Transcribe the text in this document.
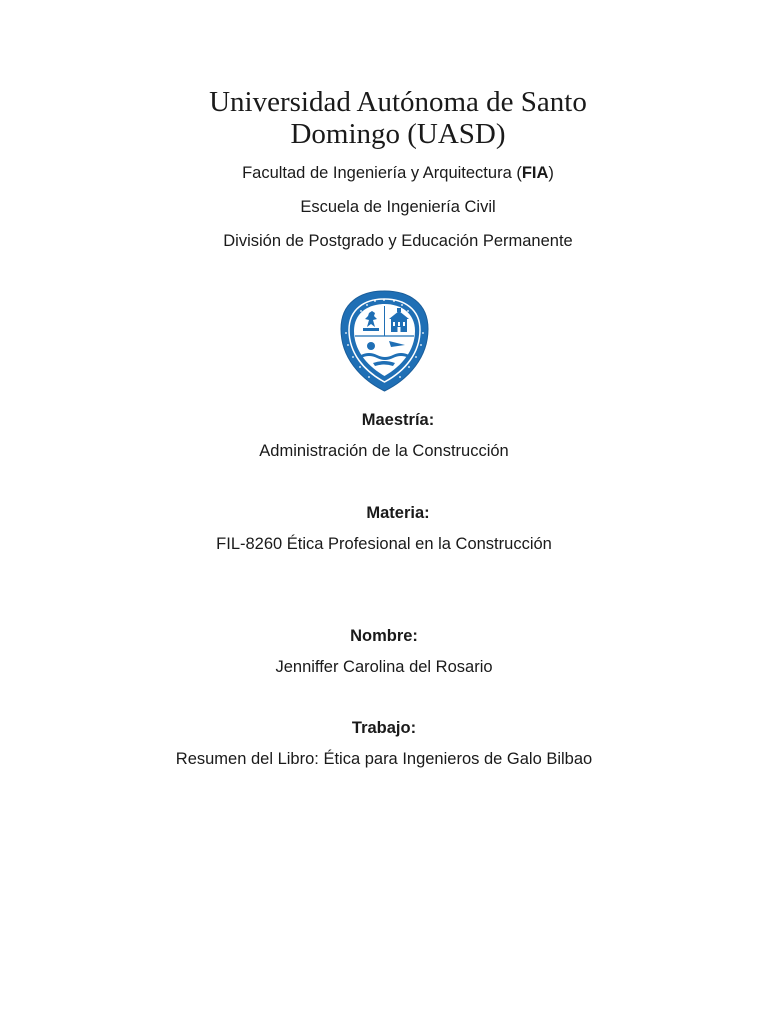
Universidad Autónoma de Santo
Domingo (UASD)
Facultad de Ingeniería y Arquitectura (FIA)
Escuela de Ingeniería Civil
División de Postgrado y Educación Permanente
Maestría:
Administración de la Construcción
Materia:
FIL-8260 Ética Profesional en la Construcción
Nombre:
Jenniffer Carolina del Rosario
Trabajo:
Resumen del Libro: Ética para Ingenieros de Galo Bilbao
